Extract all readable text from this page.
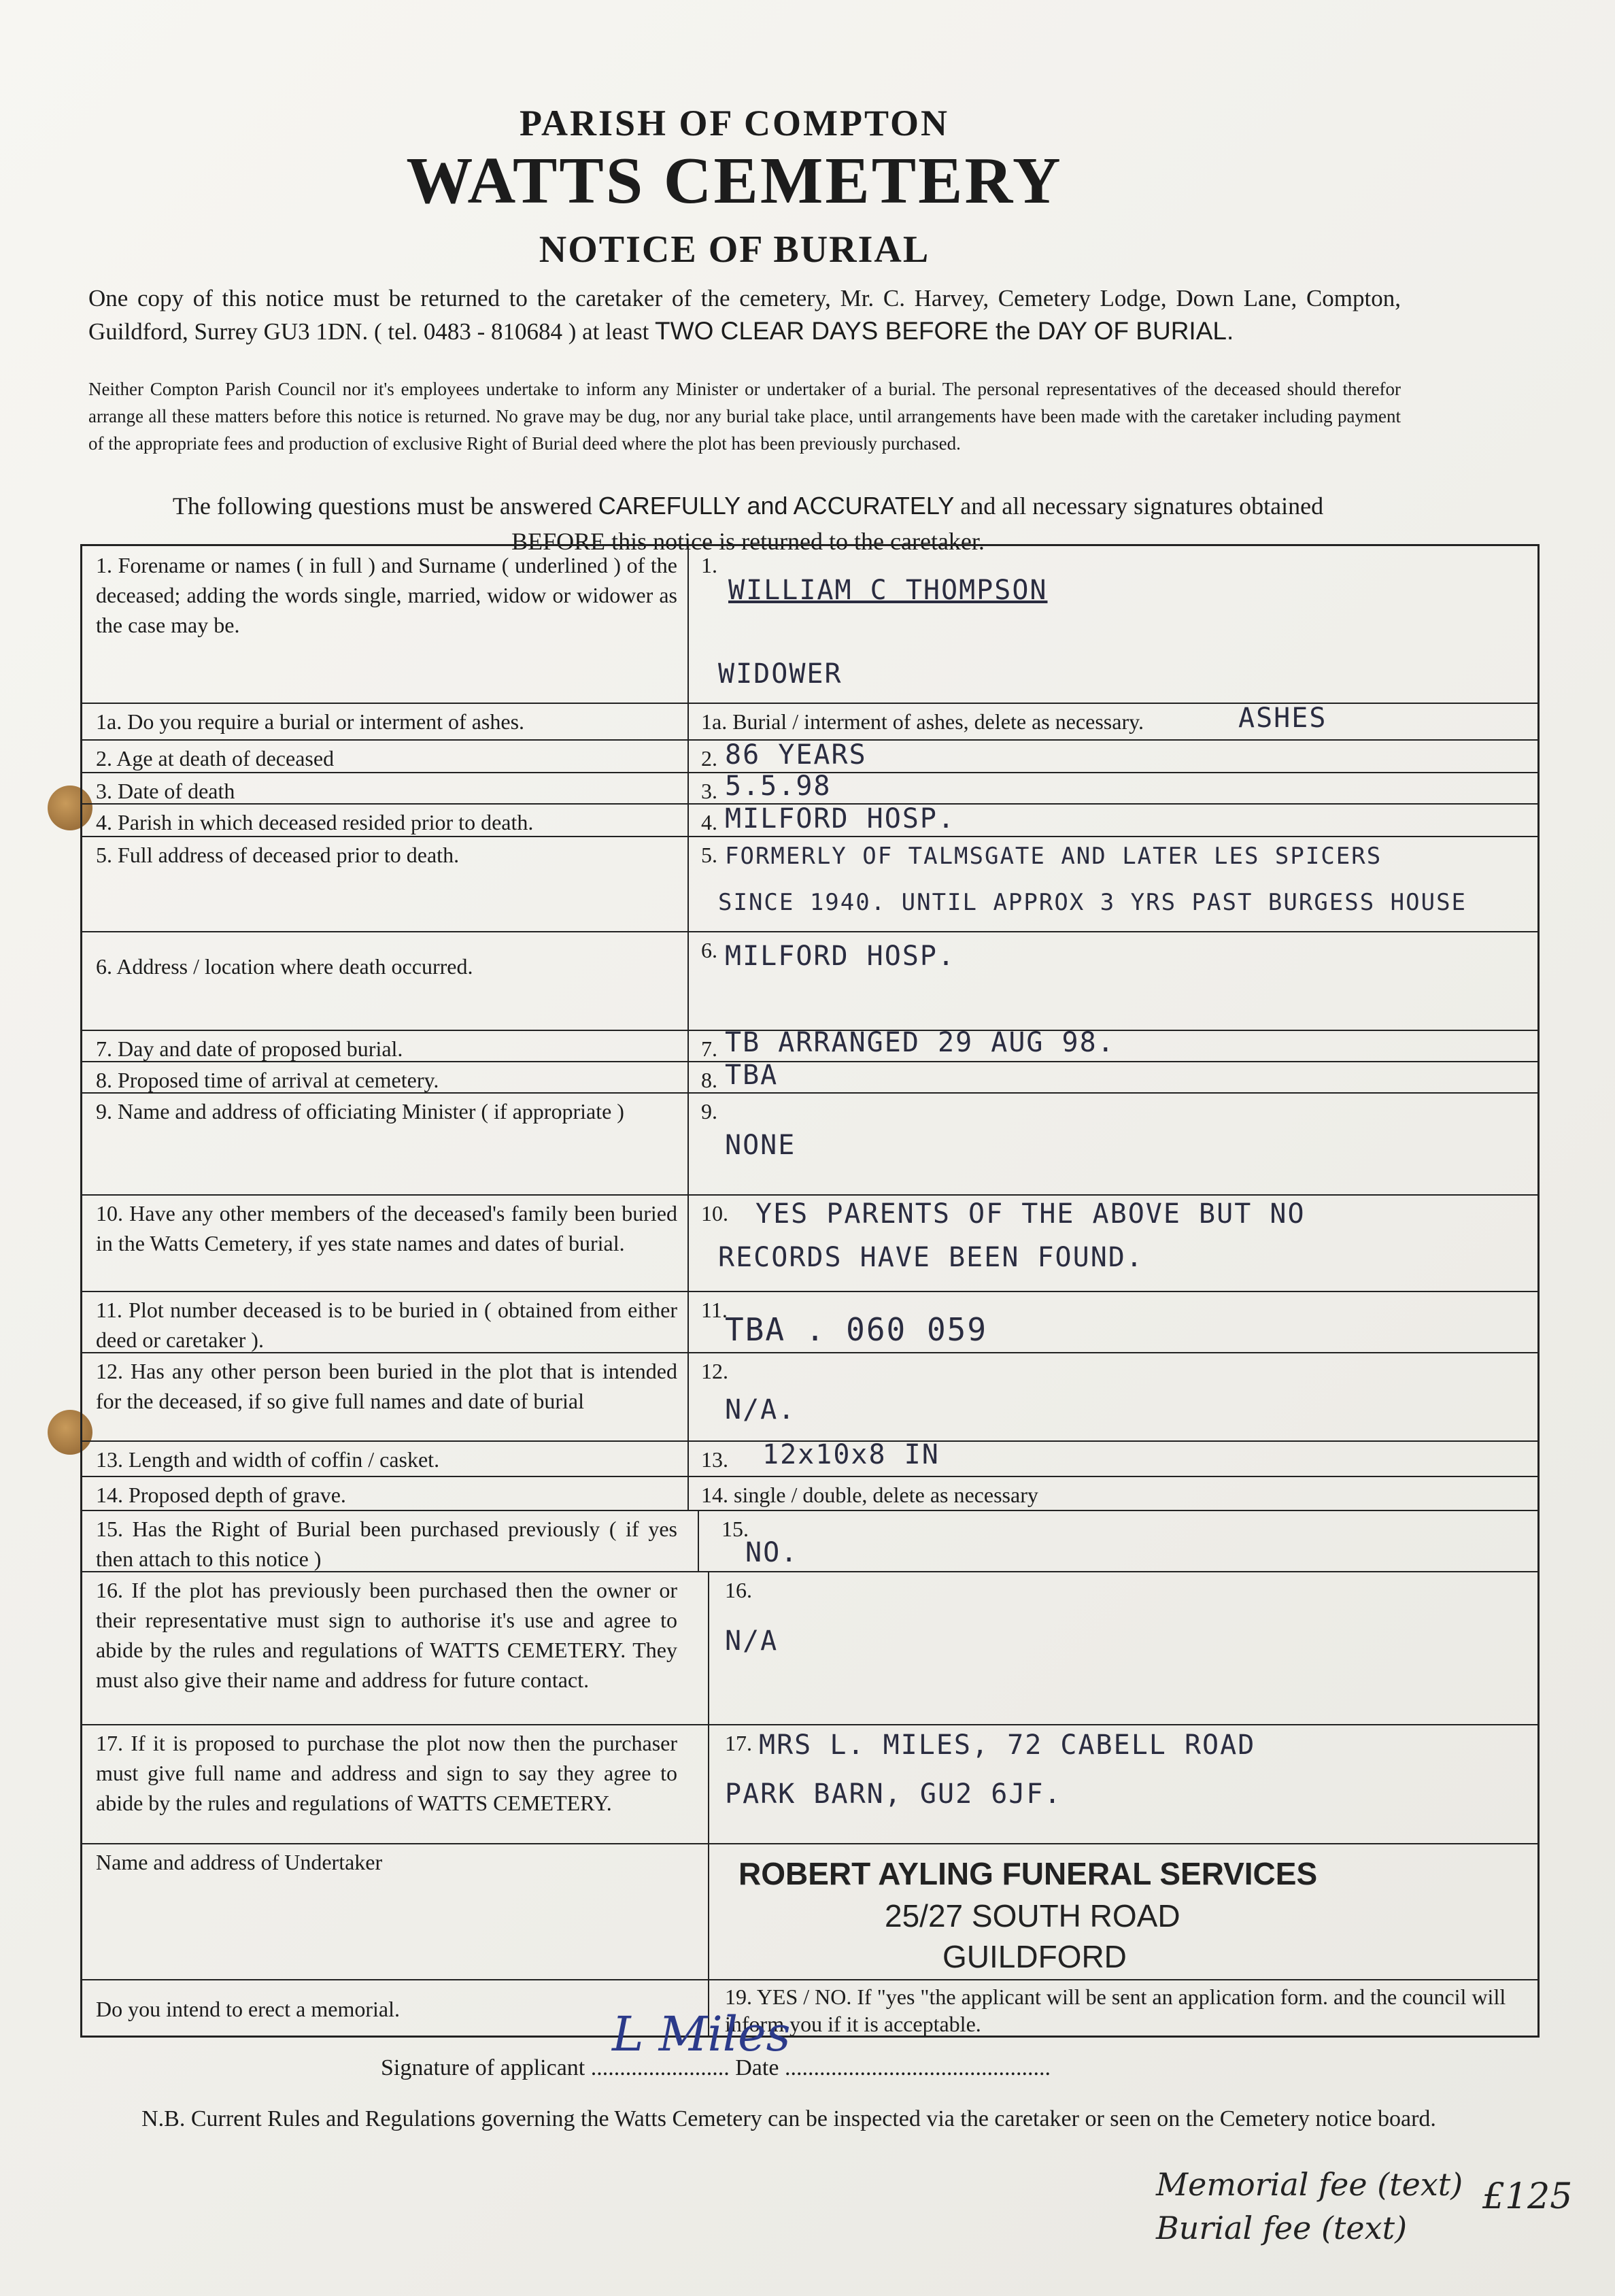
PARISH OF COMPTON
WATTS CEMETERY
NOTICE OF BURIAL
One copy of this notice must be returned to the caretaker of the cemetery, Mr. C. Harvey, Cemetery Lodge, Down Lane, Compton, Guildford, Surrey GU3 1DN. ( tel. 0483 - 810684 ) at least TWO CLEAR DAYS BEFORE the DAY OF BURIAL.
Neither Compton Parish Council nor it's employees undertake to inform any Minister or undertaker of a burial. The personal representatives of the deceased should therefor arrange all these matters before this notice is returned. No grave may be dug, nor any burial take place, until arrangements have been made with the caretaker including payment of the appropriate fees and production of exclusive Right of Burial deed where the plot has been previously purchased.
The following questions must be answered CAREFULLY and ACCURATELY and all necessary signatures obtained
BEFORE this notice is returned to the caretaker.
1. Forename or names ( in full ) and Surname ( underlined ) of the deceased; adding the words single, married, widow or widower as the case may be.
1.
WILLIAM C THOMPSON
WIDOWER
1a. Do you require a burial or interment of ashes.	1a. Burial / interment of ashes, delete as necessary.	ASHES
2. Age at death of deceased	2. 86 YEARS
3. Date of death	3. 5.5.98
4. Parish in which deceased resided prior to death.	4. MILFORD HOSP.
5. Full address of deceased prior to death.	5. FORMERLY OF TALMSGATE AND LATER LES SPICERS
SINCE 1940. UNTIL APPROX 3 YRS PAST BURGESS HOUSE
6. Address / location where death occurred.
6. MILFORD HOSP.
7. Day and date of proposed burial.	7. TB ARRANGED 29 AUG 98.
8. Proposed time of arrival at cemetery.	8. TBA
9. Name and address of officiating Minister ( if appropriate )	9.
NONE
10. Have any other members of the deceased's family been buried in the Watts Cemetery, if yes state names and dates of burial.
10. YES PARENTS OF THE ABOVE BUT NO
RECORDS HAVE BEEN FOUND.
11. Plot number deceased is to be buried in ( obtained from either deed or caretaker ).
11.
TBA . 060 059
12. Has any other person been buried in the plot that is intended for the deceased, if so give full names and date of burial
12.
N/A.
13. Length and width of coffin / casket.	13. 12x10x8 IN
14. Proposed depth of grave.	14. single / double, delete as necessary
15. Has the Right of Burial been purchased previously ( if yes then attach to this notice )
15.
NO.
16. If the plot has previously been purchased then the owner or their representative must sign to authorise it's use and agree to abide by the rules and regulations of WATTS CEMETERY. They must also give their name and address for future contact.
16.
N/A
17. If it is proposed to purchase the plot now then the purchaser must give full name and address and sign to say they agree to abide by the rules and regulations of WATTS CEMETERY.
17. MRS L. MILES, 72 CABELL ROAD
PARK BARN, GU2 6JF.
Name and address of Undertaker	ROBERT AYLING FUNERAL SERVICES
25/27 SOUTH ROAD
GUILDFORD
Do you intend to erect a memorial.	19. YES / NO. If "yes "the applicant will be sent an application form. and the council will inform you if it is acceptable.
Signature of applicant ........................ Date ..............................................
L Miles
N.B. Current Rules and Regulations governing the Watts Cemetery can be inspected via the caretaker or seen on the Cemetery notice board.
Memorial fee (text)
Burial fee (text)
£125
